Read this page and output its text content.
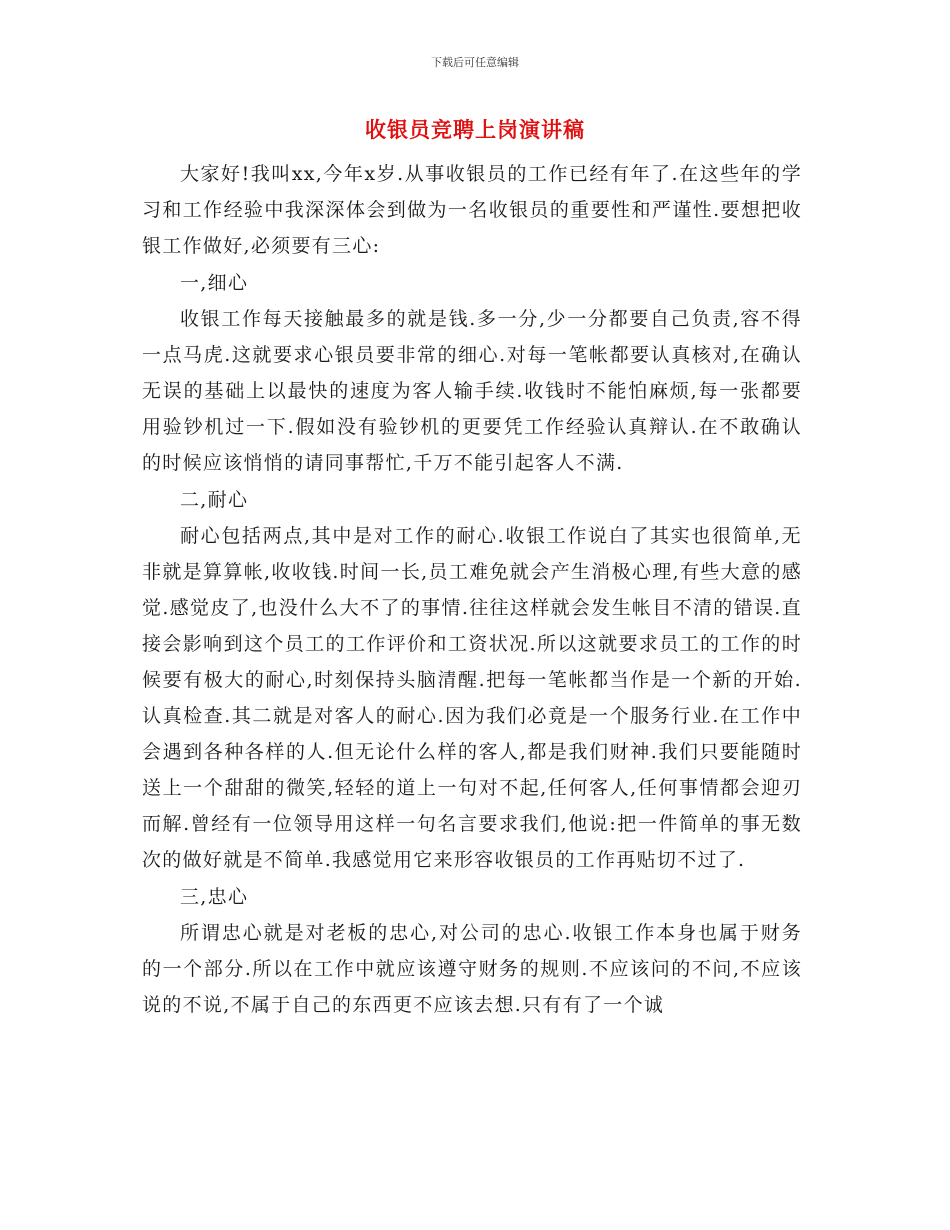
下载后可任意编辑
收银员竞聘上岗演讲稿

大家好!我叫xx,今年x岁.从事收银员的工作已经有年了.在这些年的学习和工作经验中我深深体会到做为一名收银员的重要性和严谨性.要想把收银工作做好,必须要有三心:

一,细心

收银工作每天接触最多的就是钱.多一分,少一分都要自己负责,容不得一点马虎.这就要求心银员要非常的细心.对每一笔帐都要认真核对,在确认无误的基础上以最快的速度为客人输手续.收钱时不能怕麻烦,每一张都要用验钞机过一下.假如没有验钞机的更要凭工作经验认真辩认.在不敢确认的时候应该悄悄的请同事帮忙,千万不能引起客人不满.

二,耐心

耐心包括两点,其中是对工作的耐心.收银工作说白了其实也很简单,无非就是算算帐,收收钱.时间一长,员工难免就会产生消极心理,有些大意的感觉.感觉皮了,也没什么大不了的事情.往往这样就会发生帐目不清的错误.直接会影响到这个员工的工作评价和工资状况.所以这就要求员工的工作的时候要有极大的耐心,时刻保持头脑清醒.把每一笔帐都当作是一个新的开始.认真检查.其二就是对客人的耐心.因为我们必竟是一个服务行业.在工作中会遇到各种各样的人.但无论什么样的客人,都是我们财神.我们只要能随时送上一个甜甜的微笑,轻轻的道上一句对不起,任何客人,任何事情都会迎刃而解.曾经有一位领导用这样一句名言要求我们,他说:把一件简单的事无数次的做好就是不简单.我感觉用它来形容收银员的工作再贴切不过了.

三,忠心

所谓忠心就是对老板的忠心,对公司的忠心.收银工作本身也属于财务的一个部分.所以在工作中就应该遵守财务的规则.不应该问的不问,不应该说的不说,不属于自己的东西更不应该去想.只有有了一个诚
